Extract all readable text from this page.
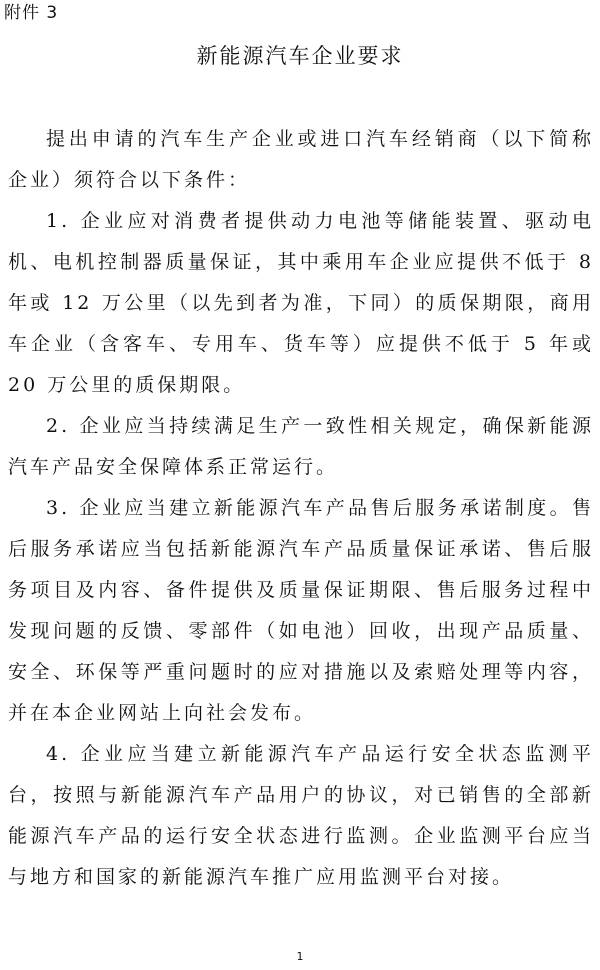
附件 3
新能源汽车企业要求

提出申请的汽车生产企业或进口汽车经销商（以下简称企业）须符合以下条件：

1. 企业应对消费者提供动力电池等储能装置、驱动电机、电机控制器质量保证，其中乘用车企业应提供不低于 8 年或 12 万公里（以先到者为准，下同）的质保期限，商用车企业（含客车、专用车、货车等）应提供不低于 5 年或 20 万公里的质保期限。

2. 企业应当持续满足生产一致性相关规定，确保新能源汽车产品安全保障体系正常运行。

3. 企业应当建立新能源汽车产品售后服务承诺制度。售后服务承诺应当包括新能源汽车产品质量保证承诺、售后服务项目及内容、备件提供及质量保证期限、售后服务过程中发现问题的反馈、零部件（如电池）回收，出现产品质量、安全、环保等严重问题时的应对措施以及索赔处理等内容，并在本企业网站上向社会发布。

4. 企业应当建立新能源汽车产品运行安全状态监测平台，按照与新能源汽车产品用户的协议，对已销售的全部新能源汽车产品的运行安全状态进行监测。企业监测平台应当与地方和国家的新能源汽车推广应用监测平台对接。

1
